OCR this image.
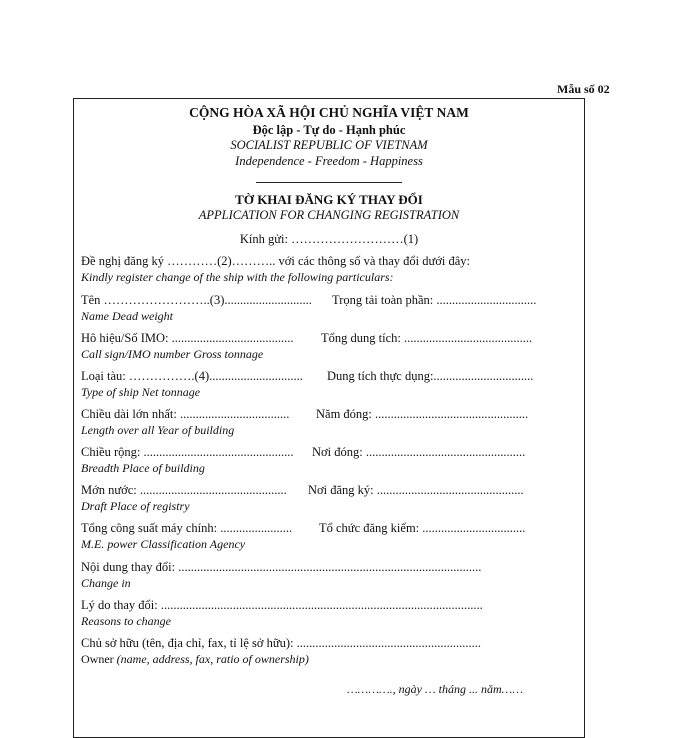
Mẫu số 02
CỘNG HÒA XÃ HỘI CHỦ NGHĨA VIỆT NAM
Độc lập - Tự do - Hạnh phúc
SOCIALIST REPUBLIC OF VIETNAM
Independence - Freedom - Happiness
TỜ KHAI ĐĂNG KÝ THAY ĐỔI
APPLICATION FOR CHANGING REGISTRATION
Kính gửi: ………………………(1)
Đề nghị đăng ký …………(2)……….. với các thông số và thay đổi dưới đây:
Kindly register change of the ship with the following particulars:
Tên ……………………..(3)............................ Trọng tải toàn phần: ................................
Name Dead weight
Hô hiệu/Số IMO: ....................................... Tổng dung tích: .........................................
Call sign/IMO number Gross tonnage
Loại tàu: …………….(4).............................. Dung tích thực dụng:................................
Type of ship Net tonnage
Chiều dài lớn nhất: ................................... Năm đóng: .................................................
Length over all Year of building
Chiều rộng: ................................................ Nơi đóng: ...................................................
Breadth Place of building
Mớn nước: ............................................... Nơi đăng ký: ...............................................
Draft Place of registry
Tổng công suất máy chính: ....................... Tổ chức đăng kiểm: .................................
M.E. power Classification Agency
Nội dung thay đổi: .................................................................................................
Change in
Lý do thay đổi: .......................................................................................................
Reasons to change
Chủ sở hữu (tên, địa chỉ, fax, tỉ lệ sở hữu): ...........................................................
Owner (name, address, fax, ratio of ownership)
…………., ngày … tháng ... năm……
